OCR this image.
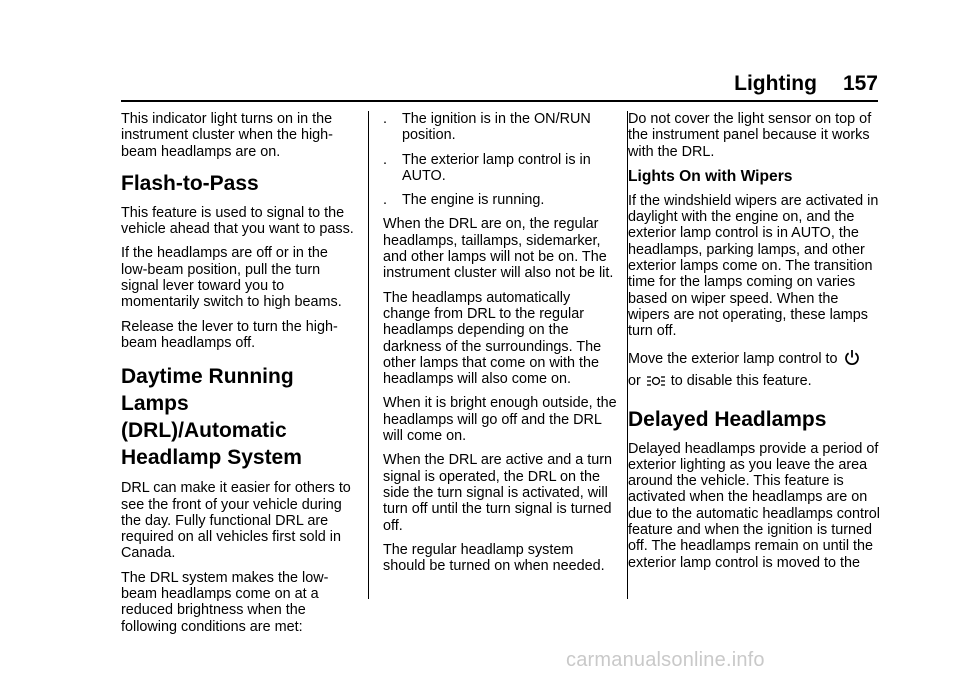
Lighting 157

This indicator light turns on in the instrument cluster when the high-beam headlamps are on.

Flash-to-Pass

This feature is used to signal to the vehicle ahead that you want to pass.

If the headlamps are off or in the low-beam position, pull the turn signal lever toward you to momentarily switch to high beams.

Release the lever to turn the high-beam headlamps off.

Daytime Running Lamps
(DRL)/Automatic
Headlamp System

DRL can make it easier for others to see the front of your vehicle during the day. Fully functional DRL are required on all vehicles first sold in Canada.

The DRL system makes the low-beam headlamps come on at a reduced brightness when the following conditions are met:

.	The ignition is in the ON/RUN position.
.	The exterior lamp control is in AUTO.
.	The engine is running.

When the DRL are on, the regular headlamps, taillamps, sidemarker, and other lamps will not be on. The instrument cluster will also not be lit.

The headlamps automatically change from DRL to the regular headlamps depending on the darkness of the surroundings. The other lamps that come on with the headlamps will also come on.

When it is bright enough outside, the headlamps will go off and the DRL will come on.

When the DRL are active and a turn signal is operated, the DRL on the side the turn signal is activated, will turn off until the turn signal is turned off.

The regular headlamp system should be turned on when needed.

Do not cover the light sensor on top of the instrument panel because it works with the DRL.

Lights On with Wipers

If the windshield wipers are activated in daylight with the engine on, and the exterior lamp control is in AUTO, the headlamps, parking lamps, and other exterior lamps come on. The transition time for the lamps coming on varies based on wiper speed. When the wipers are not operating, these lamps turn off.

Move the exterior lamp control to
or to disable this feature.

Delayed Headlamps

Delayed headlamps provide a period of exterior lighting as you leave the area around the vehicle. This feature is activated when the headlamps are on due to the automatic headlamps control feature and when the ignition is turned off. The headlamps remain on until the exterior lamp control is moved to the

carmanualsonline.info
